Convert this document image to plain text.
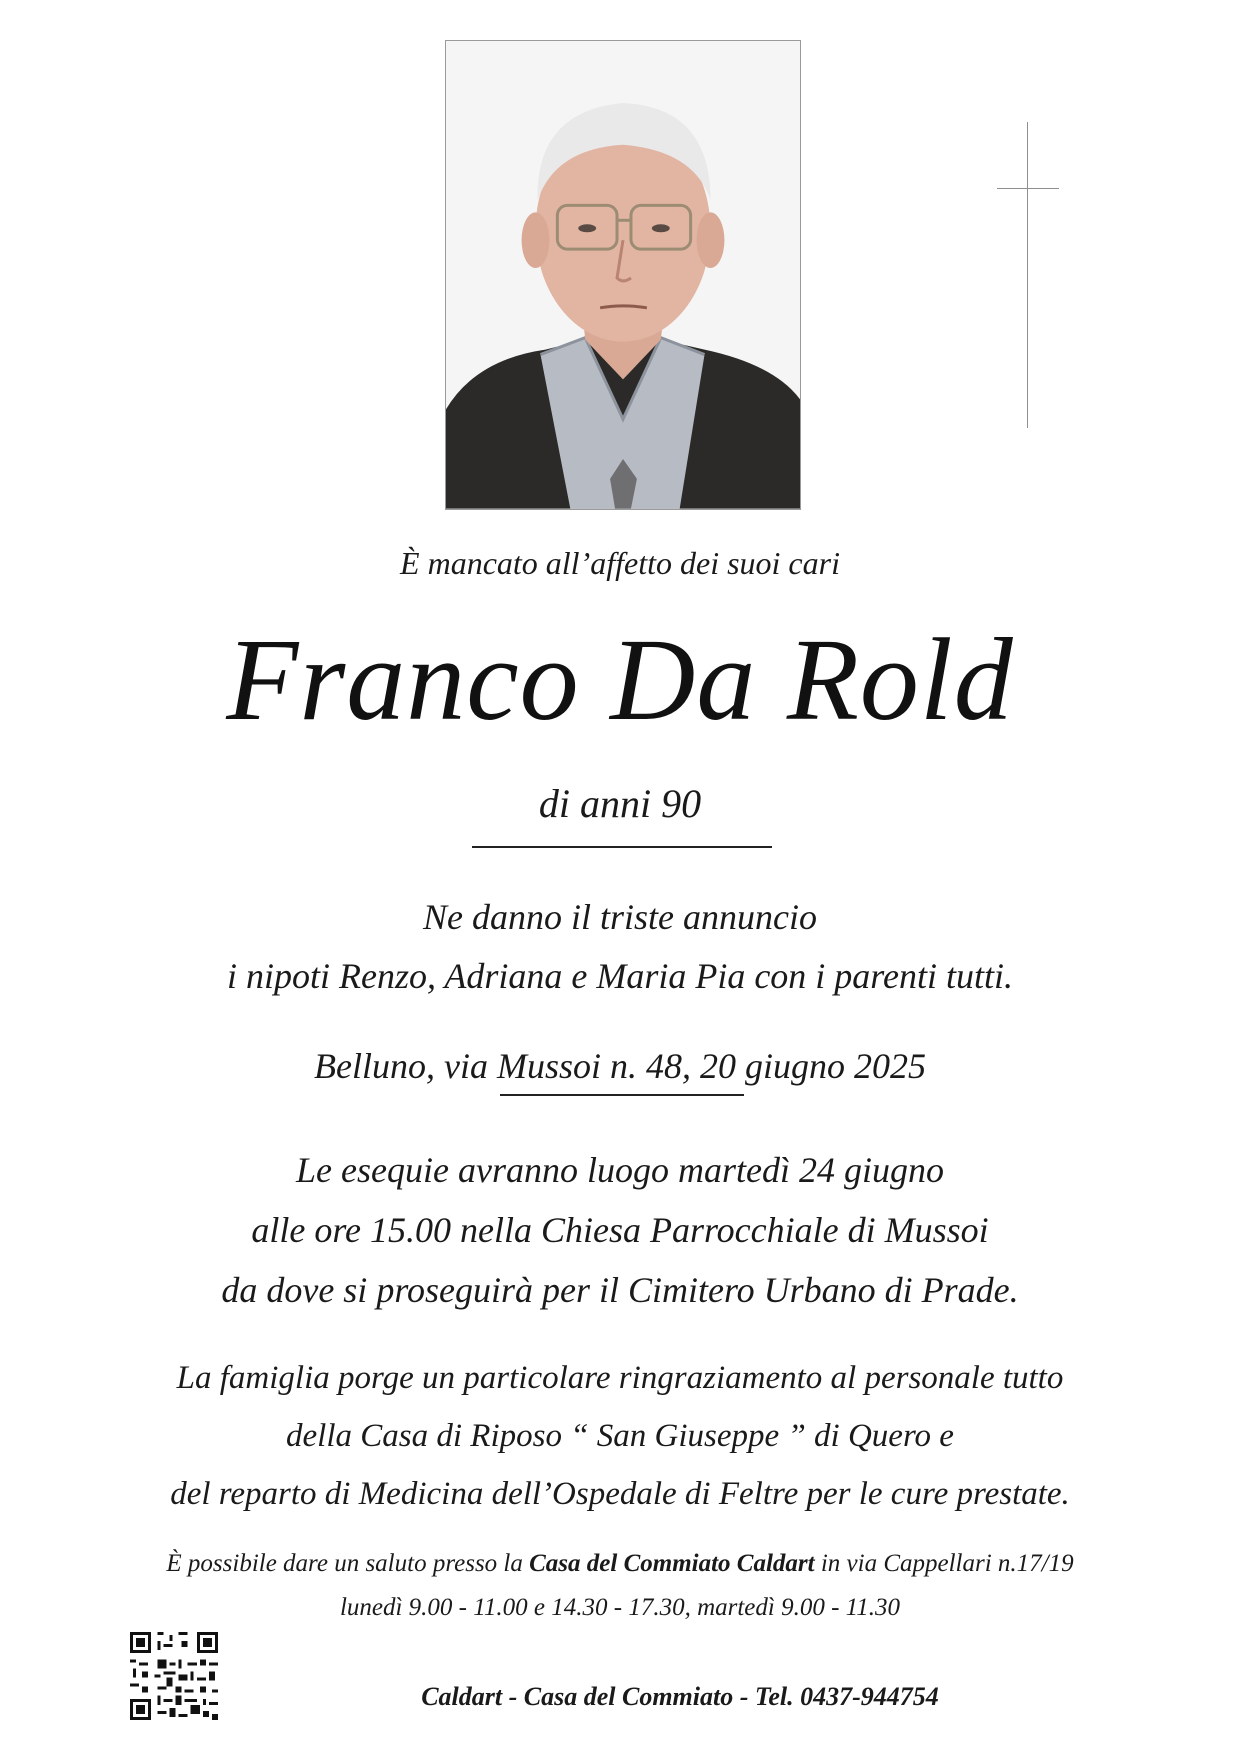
È mancato all’affetto dei suoi cari
Franco Da Rold
di anni 90
Ne danno il triste annuncio
i nipoti Renzo, Adriana e Maria Pia con i parenti tutti.
Belluno, via Mussoi n. 48, 20 giugno 2025
Le esequie avranno luogo martedì 24 giugno
alle ore 15.00 nella Chiesa Parrocchiale di Mussoi
da dove si proseguirà per il Cimitero Urbano di Prade.
La famiglia porge un particolare ringraziamento al personale tutto
della Casa di Riposo “ San Giuseppe ” di Quero e
del reparto di Medicina dell’Ospedale di Feltre per le cure prestate.
È possibile dare un saluto presso la Casa del Commiato Caldart in via Cappellari n.17/19
lunedì 9.00 - 11.00 e 14.30 - 17.30, martedì 9.00 - 11.30
Caldart - Casa del Commiato - Tel. 0437-944754
